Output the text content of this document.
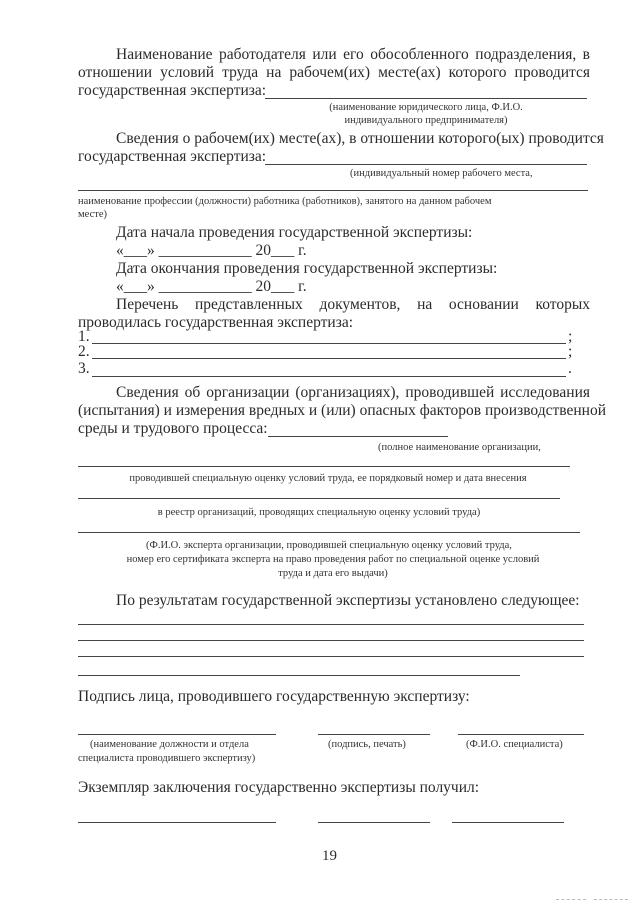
Наименование работодателя или его обособленного подразделения, в
отношении условий труда на рабочем(их) месте(ах) которого проводится
государственная экспертиза:
(наименование юридического лица, Ф.И.О.
индивидуального предпринимателя)
Сведения о рабочем(их) месте(ах), в отношении которого(ых) проводится
государственная экспертиза:
(индивидуальный номер рабочего места,
наименование профессии (должности) работника (работников), занятого на данном рабочем
месте)
Дата начала проведения государственной экспертизы:
«___» ____________ 20___ г.
Дата окончания проведения государственной экспертизы:
«___» ____________ 20___ г.
Перечень представленных документов, на основании которых
проводилась государственная экспертиза:
1.	;
2.	;
3.	.
Сведения об организации (организациях), проводившей исследования
(испытания) и измерения вредных и (или) опасных факторов производственной
среды и трудового процесса:
(полное наименование организации,
проводившей специальную оценку условий труда, ее порядковый номер и дата внесения
в реестр организаций, проводящих специальную оценку условий труда)
(Ф.И.О. эксперта организации, проводившей специальную оценку условий труда,
номер его сертификата эксперта на право проведения работ по специальной оценке условий
труда и дата его выдачи)
По результатам государственной экспертизы установлено следующее:
Подпись лица, проводившего государственную экспертизу:
(наименование должности и отдела
специалиста проводившего экспертизу)
(подпись, печать)	(Ф.И.О. специалиста)
Экземпляр заключения государственно экспертизы получил:
19
